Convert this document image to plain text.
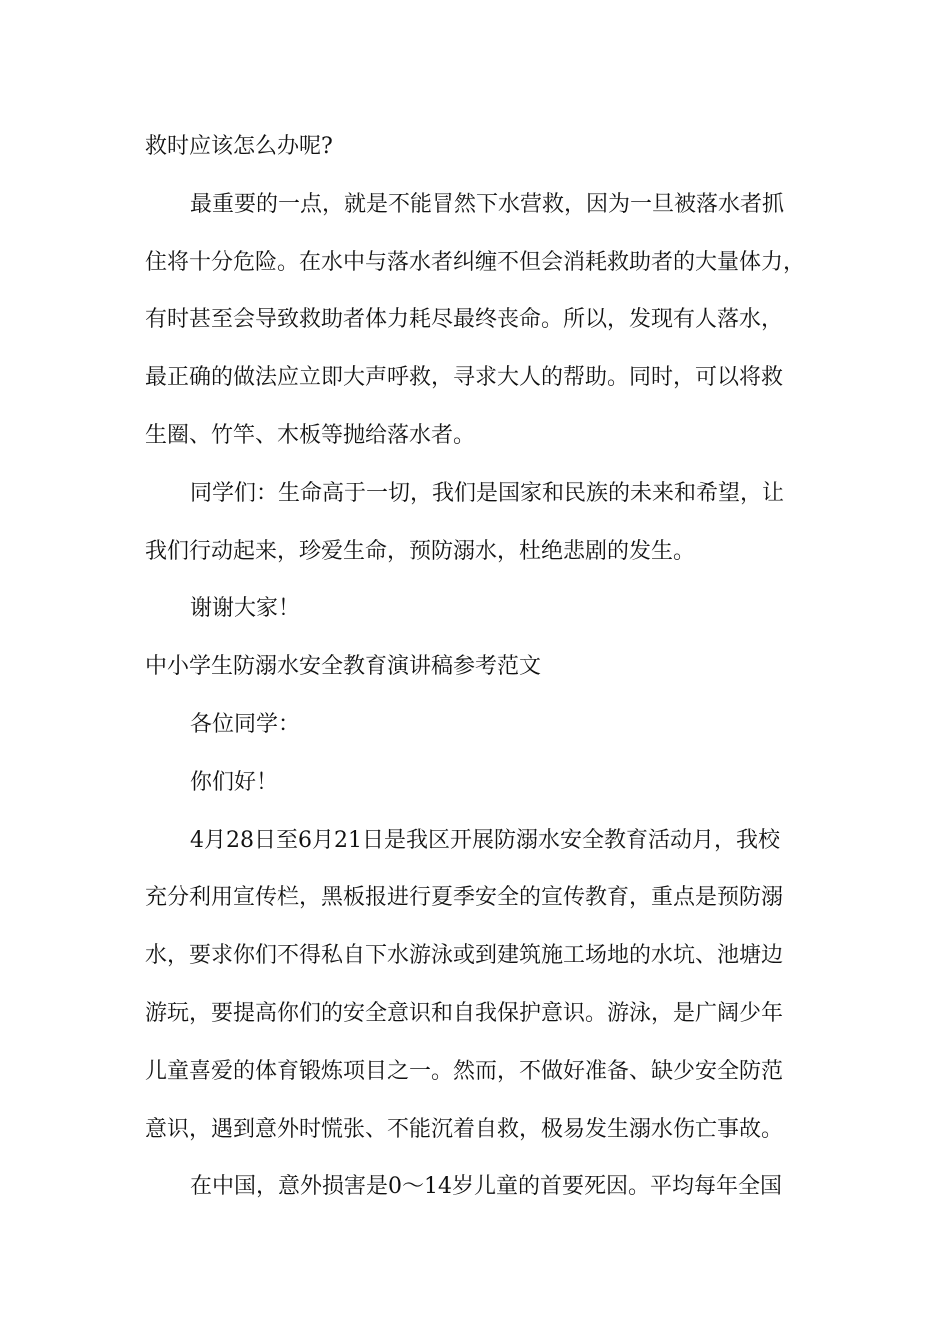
救时应该怎么办呢?
最重要的一点，就是不能冒然下水营救，因为一旦被落水者抓
住将十分危险。在水中与落水者纠缠不但会消耗救助者的大量体力，
有时甚至会导致救助者体力耗尽最终丧命。所以，发现有人落水，
最正确的做法应立即大声呼救，寻求大人的帮助。同时，可以将救
生圈、竹竿、木板等抛给落水者。
同学们：生命高于一切，我们是国家和民族的未来和希望，让
我们行动起来，珍爱生命，预防溺水，杜绝悲剧的发生。
谢谢大家！
中小学生防溺水安全教育演讲稿参考范文
各位同学：
你们好！
4月28日至6月21日是我区开展防溺水安全教育活动月，我校
充分利用宣传栏，黑板报进行夏季安全的宣传教育，重点是预防溺
水，要求你们不得私自下水游泳或到建筑施工场地的水坑、池塘边
游玩，要提高你们的安全意识和自我保护意识。游泳，是广阔少年
儿童喜爱的体育锻炼项目之一。然而，不做好准备、缺少安全防范
意识，遇到意外时慌张、不能沉着自救，极易发生溺水伤亡事故。
在中国，意外损害是0～14岁儿童的首要死因。平均每年全国
